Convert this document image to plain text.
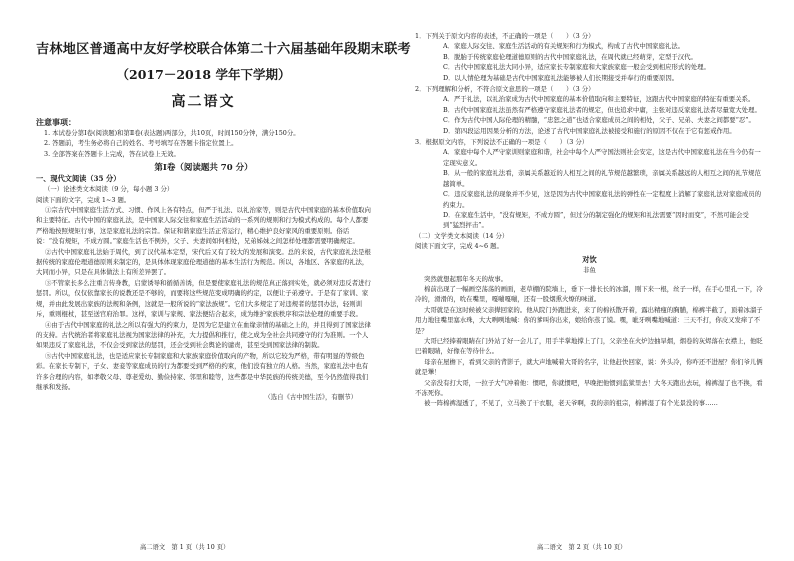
吉林地区普通高中友好学校联合体第二十六届基础年段期末联考
（2017－2018 学年下学期）
高二语文
注意事项：

1. 本试卷分第Ⅰ卷(阅读题)和第Ⅱ卷(表达题)两部分，共10页，时间150分钟，满分150分。

2. 答题前，考生务必将自己的姓名、考号填写在答题卡指定位置上。

3. 全部答案在答题卡上完成，答在试卷上无效。

第Ⅰ卷（阅读题共 70 分）
一、现代文阅读（35 分）
（一）论述类文本阅读（9 分，每小题 3 分）
阅读下面的文字，完成 1~3 题。

①宗古代中国家庭生活方式、习惯、作风上各有特点，但严于礼法、以礼治家等，则是古代中国家庭的基本价值取向和主要特征。古代中国的家庭礼法，是中国家人际交往和家庭生活活动的一系列的规则和行为模式构成的。每个人都要严格地按照规矩行事，这是家庭礼法的宗旨。保证和谐家庭生活正常运行，精心维护良好家风的重要原则。俗话说：“没有规矩，不成方圆。”家庭生活也不例外，父子、夫妻间如何相处，兄弟姊妹之间怎样处理都需要明确规定。

②古代中国家庭礼法始于周代，到了汉代基本定型，宋代后又有了较大的发展和演变。总的来说，古代家庭礼法是根据传统的家庭伦理道德原则来制定的，是具体体现家庭伦理道德的基本生活行为规范。所以，各地区、各家庭的礼法，大同而小异，只是在具体做法上有所差异罢了。

③不管家长多么注重言传身教，启蒙诱导和循循善诱，但是要使家庭礼法的规范真正落到实处，就必须对违反者进行惩罚。所以，仅仅依靠家长的说教还是不够的，而要将这些规范变成明确的约定，以便让子弟遵守。于是有了家训、家规，并由此发展出家族的法规和条例，这就是一般所说的“家法族规”。它们大多规定了对违规者的惩罚办法，轻则训斥，重则棍杖，甚至送官府治罪。这样，家训与家规、家法便结合起来，成为维护家族秩序和宗法伦理的重要手段。

④由于古代中国家庭的礼法之所以有强大的约束力，是因为它是建立在血缘亲情的基础之上的，并且得到了国家法律的支持。古代统治者将家庭礼法视为国家法律的补充，大力提倡和推行，使之成为全社会共同遵守的行为准则。一个人如果违反了家庭礼法，不仅会受到家法的惩罚，还会受到社会舆论的谴责，甚至受到国家法律的制裁。

⑤古代中国家庭礼法，也是适应家长专制家庭和大家族家庭价值取向的产物，所以它较为严格，带有明显的等级色彩。在家长专制下，子女、妻妾等家庭成员的行为都要受到严格的约束，他们没有独立的人格。当然，家庭礼法中也有许多合理的内容，如孝敬父母、尊老爱幼、勤俭持家、邻里和睦等，这些都是中华民族的传统美德，至今仍然值得我们继承和发扬。

（选自《古中国生活》，有删节）

高二语文　第 1 页（共 10 页）

1．下列关于原文内容的表述，不正确的一项是（　　）（3 分）

A．家庭人际交往、家庭生活活动的有关规矩和行为模式，构成了古代中国家庭礼法。

B．脱胎于传统家庭伦理道德原则的古代中国家庭礼法，在周代就已经萌芽，定型于汉代。

C．古代中国家庭礼法大同小异，适应家长专制家庭和大家族家庭一般会受到相应形式的处理。

D．以人情伦理为基础是古代中国家庭礼法能够被人们长期接受并奉行的重要原因。

2．下列理解和分析，不符合原文意思的一项是（　　）（3 分）

A．严于礼法，以礼治家成为古代中国家庭的基本价值取向和主要特征，这跟古代中国家庭的特征有重要关系。

B．古代中国家庭礼法虽然有严格遵守家庭礼法者的规定，但也追求中庸，主张对违反家庭礼法者尽量宽大处理。

C．作为古代中国人际伦理的精髓，“忠恕之道”也适合家庭成员之间的相处，父子、兄弟、夫妻之间都要“忍”。

D．第四段运用因果分析的方法，论述了古代中国家庭礼法被接受和施行的原因不仅在于它有惩戒作用。

3．根据原文内容，下列说法不正确的一项是（　　）（3 分）

A．家庭中每个人严守家训则家庭和谐，社会中每个人严守国法则社会安定，这是古代中国家庭礼法在当今仍有一定现实意义。

B．从一般的家庭礼法看，亲属关系越近的人相互之间的礼节规范越繁琐，亲属关系越远的人相互之间的礼节规范越简单。

C．违反家庭礼法的现象并不少见，这是因为古代中国家庭礼法的弹性在一定程度上消解了家庭礼法对家庭成员的约束力。

D．在家庭生活中，“没有规矩，不成方圆”，但过分的制定强化的规矩和礼法需要“因时而变”，不然可能会受到“猛烈抨击”。

（二）文学类文本阅读（14 分）

阅读下面文字，完成 4~6 题。

对饮
非鱼

突然就想起那年冬天的故事。

棉前出现了一幅画空荡荡的画面，老草棚的院墙上，垂下一排长长的冰溜，刚下来一根，丝子一样，在手心里孔一下，冷冷的，滑滑的，吮在嘴里，嘎嘣嘎嘣，还有一股烟熏火燎的味道。

大哥就是在这时候被父亲撵回家的。他从院门外跑进来，来了的棉袄散开着，露出精瘦的胸脯，棉裤半截了，顶着冰溜子用力地往嘴里塞水珠，大大咧咧地喊：你的爹叫你出来，娘给你蒸了馍。嘿，呲牙咧嘴地喊道：三天不打，你皮又发痒了不是？

大哥已经捧着眼睛在门外站了好一会儿了，用手半掌地撑上了门，父亲坐在火炉边抽旱烟，烟卷的灰烬落在衣襟上，他眨巴着眼睛，好像在等待什么。

母亲在屋檐下，看到父亲的背影子，就大声地喊着大哥的名字，让他赶快回家，说：外头冷，你咋还不进屋？你们爷儿俩就是犟！

父亲没有打大哥，一拉子大气冲着他：惯吧，你就惯吧，早晚把他惯到监狱里去！大冬天跑出去玩，棉裤湿了也不换，看不冻死你。

被一阵棉裤湿透了，不见了，立马换了干衣服，老天爷啊，我的亲的祖宗，棉裤湿了有个光景没的事……

高二语文　第 2 页（共 10 页）
